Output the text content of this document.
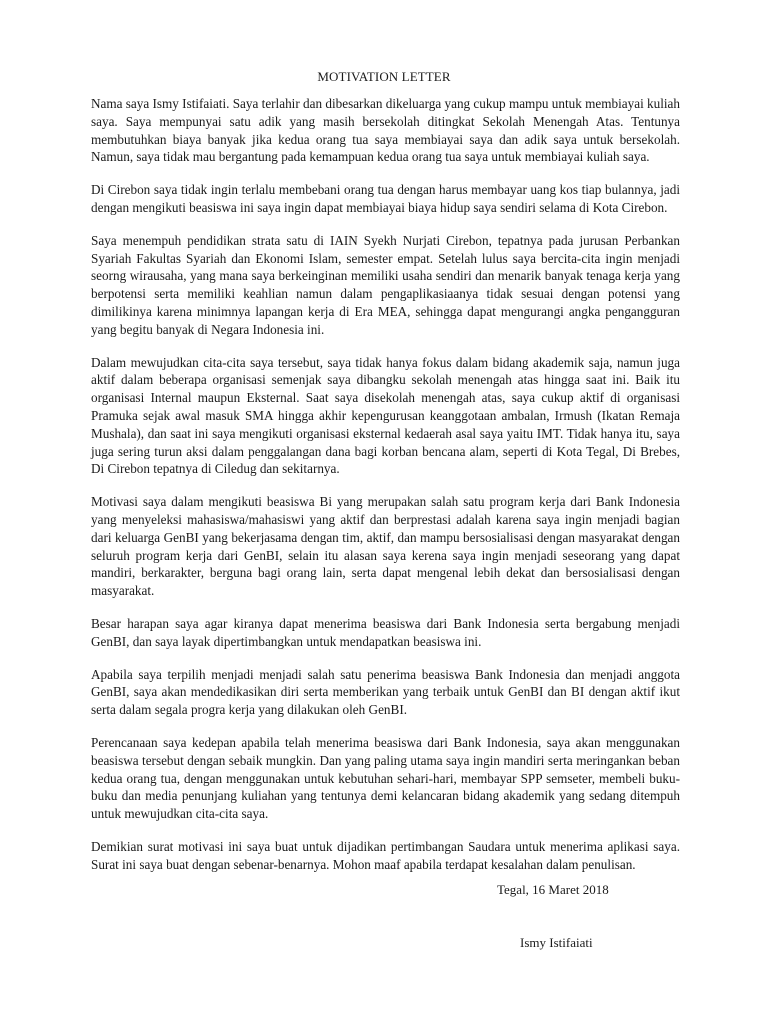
MOTIVATION LETTER

Nama saya Ismy Istifaiati. Saya terlahir dan dibesarkan dikeluarga yang cukup mampu untuk membiayai kuliah saya. Saya mempunyai satu adik yang masih bersekolah ditingkat Sekolah Menengah Atas. Tentunya membutuhkan biaya banyak jika kedua orang tua saya membiayai saya dan adik saya untuk bersekolah. Namun, saya tidak mau bergantung pada kemampuan kedua orang tua saya untuk membiayai kuliah saya.

Di Cirebon saya tidak ingin terlalu membebani orang tua dengan harus membayar uang kos tiap bulannya, jadi dengan mengikuti beasiswa ini saya ingin dapat membiayai biaya hidup saya sendiri selama di Kota Cirebon.

Saya menempuh pendidikan strata satu di IAIN Syekh Nurjati Cirebon, tepatnya pada jurusan Perbankan Syariah Fakultas Syariah dan Ekonomi Islam, semester empat. Setelah lulus saya bercita-cita ingin menjadi seorng wirausaha, yang mana saya berkeinginan memiliki usaha sendiri dan menarik banyak tenaga kerja yang berpotensi serta memiliki keahlian namun dalam pengaplikasiaanya tidak sesuai dengan potensi yang dimilikinya karena minimnya lapangan kerja di Era MEA, sehingga dapat mengurangi angka pengangguran yang begitu banyak di Negara Indonesia ini.

Dalam mewujudkan cita-cita saya tersebut, saya tidak hanya fokus dalam bidang akademik saja, namun juga aktif dalam beberapa organisasi semenjak saya dibangku sekolah menengah atas hingga saat ini. Baik itu organisasi Internal maupun Eksternal. Saat saya disekolah menengah atas, saya cukup aktif di organisasi Pramuka sejak awal masuk SMA hingga akhir kepengurusan keanggotaan ambalan, Irmush (Ikatan Remaja Mushala), dan saat ini saya mengikuti organisasi eksternal kedaerah asal saya yaitu IMT. Tidak hanya itu, saya juga sering turun aksi dalam penggalangan dana bagi korban bencana alam, seperti di Kota Tegal, Di Brebes, Di Cirebon tepatnya di Ciledug dan sekitarnya.

Motivasi saya dalam mengikuti beasiswa Bi yang merupakan salah satu program kerja dari Bank Indonesia yang menyeleksi mahasiswa/mahasiswi yang aktif dan berprestasi adalah karena saya ingin menjadi bagian dari keluarga GenBI yang bekerjasama dengan tim, aktif, dan mampu bersosialisasi dengan masyarakat dengan seluruh program kerja dari GenBI, selain itu alasan saya kerena saya ingin menjadi seseorang yang dapat mandiri, berkarakter, berguna bagi orang lain, serta dapat mengenal lebih dekat dan bersosialisasi dengan masyarakat.

Besar harapan saya agar kiranya dapat menerima beasiswa dari Bank Indonesia serta bergabung menjadi GenBI, dan saya layak dipertimbangkan untuk mendapatkan beasiswa ini.

Apabila saya terpilih menjadi menjadi salah satu penerima beasiswa Bank Indonesia dan menjadi anggota GenBI, saya akan mendedikasikan diri serta memberikan yang terbaik untuk GenBI dan BI dengan aktif ikut serta dalam segala progra kerja yang dilakukan oleh GenBI.

Perencanaan saya kedepan apabila telah menerima beasiswa dari Bank Indonesia, saya akan menggunakan beasiswa tersebut dengan sebaik mungkin. Dan yang paling utama saya ingin mandiri serta meringankan beban kedua orang tua, dengan menggunakan untuk kebutuhan sehari-hari, membayar SPP semseter, membeli buku-buku dan media penunjang kuliahan yang tentunya demi kelancaran bidang akademik yang sedang ditempuh untuk mewujudkan cita-cita saya.

Demikian surat motivasi ini saya buat untuk dijadikan pertimbangan Saudara untuk menerima aplikasi saya. Surat ini saya buat dengan sebenar-benarnya. Mohon maaf apabila terdapat kesalahan dalam penulisan.

Tegal, 16 Maret 2018
Ismy Istifaiati
